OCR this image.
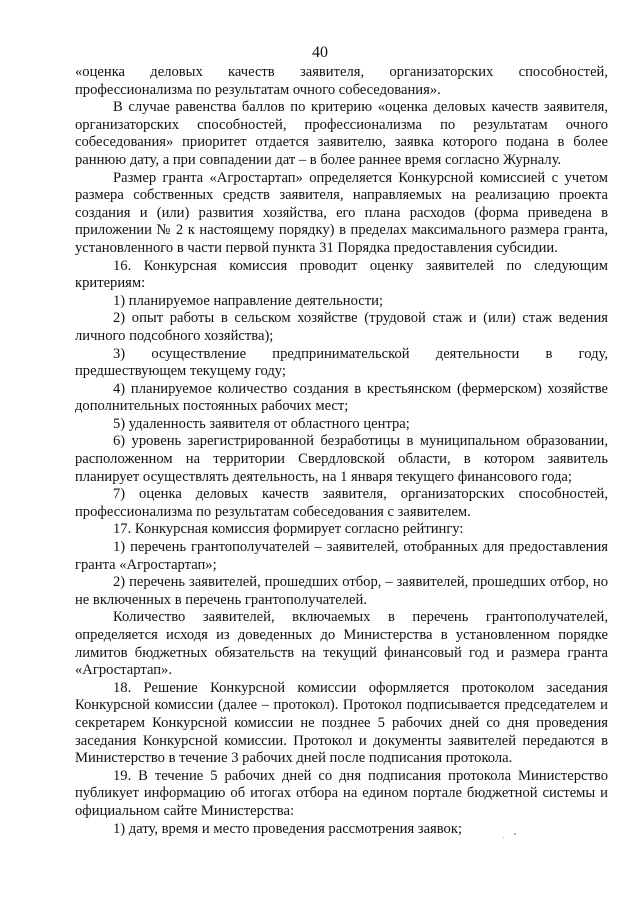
40

«оценка деловых качеств заявителя, организаторских способностей, профессионализма по результатам очного собеседования».

В случае равенства баллов по критерию «оценка деловых качеств заявителя, организаторских способностей, профессионализма по результатам очного собеседования» приоритет отдается заявителю, заявка которого подана в более раннюю дату, а при совпадении дат – в более раннее время согласно Журналу.

Размер гранта «Агростартап» определяется Конкурсной комиссией с учетом размера собственных средств заявителя, направляемых на реализацию проекта создания и (или) развития хозяйства, его плана расходов (форма приведена в приложении № 2 к настоящему порядку) в пределах максимального размера гранта, установленного в части первой пункта 31 Порядка предоставления субсидии.

16. Конкурсная комиссия проводит оценку заявителей по следующим критериям:

1) планируемое направление деятельности;

2) опыт работы в сельском хозяйстве (трудовой стаж и (или) стаж ведения личного подсобного хозяйства);

3) осуществление предпринимательской деятельности в году, предшествующем текущему году;

4) планируемое количество создания в крестьянском (фермерском) хозяйстве дополнительных постоянных рабочих мест;

5) удаленность заявителя от областного центра;

6) уровень зарегистрированной безработицы в муниципальном образовании, расположенном на территории Свердловской области, в котором заявитель планирует осуществлять деятельность, на 1 января текущего финансового года;

7) оценка деловых качеств заявителя, организаторских способностей, профессионализма по результатам собеседования с заявителем.

17. Конкурсная комиссия формирует согласно рейтингу:

1) перечень грантополучателей – заявителей, отобранных для предоставления гранта «Агростартап»;

2) перечень заявителей, прошедших отбор, – заявителей, прошедших отбор, но не включенных в перечень грантополучателей.

Количество заявителей, включаемых в перечень грантополучателей, определяется исходя из доведенных до Министерства в установленном порядке лимитов бюджетных обязательств на текущий финансовый год и размера гранта «Агростартап».

18. Решение Конкурсной комиссии оформляется протоколом заседания Конкурсной комиссии (далее – протокол). Протокол подписывается председателем и секретарем Конкурсной комиссии не позднее 5 рабочих дней со дня проведения заседания Конкурсной комиссии. Протокол и документы заявителей передаются в Министерство в течение 3 рабочих дней после подписания протокола.

19. В течение 5 рабочих дней со дня подписания протокола Министерство публикует информацию об итогах отбора на едином портале бюджетной системы и официальном сайте Министерства:

1) дату, время и место проведения рассмотрения заявок;
